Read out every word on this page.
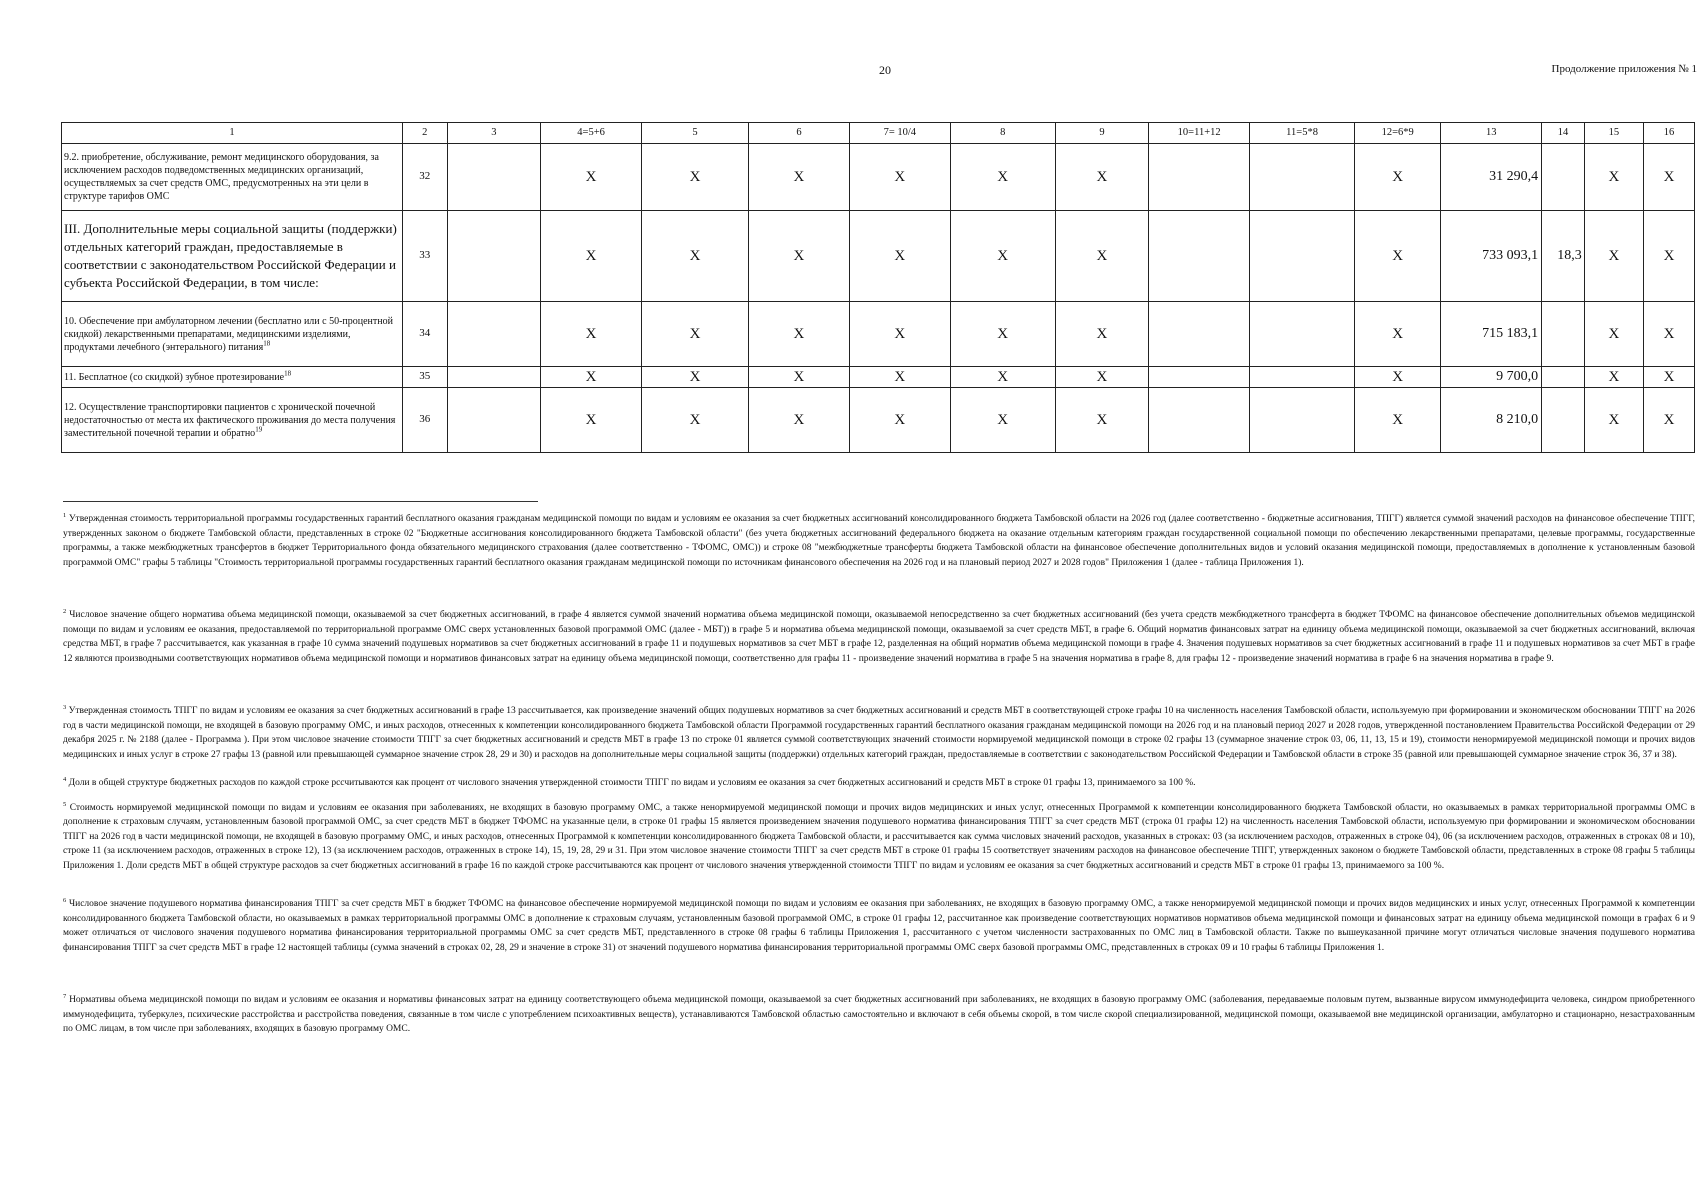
20	Продолжение приложения № 1
1	2	3	4=5+6	5	6	7= 10/4	8	9	10=11+12	11=5*8	12=6*9	13	14	15	16
9.2. приобретение, обслуживание, ремонт медицинского оборудования, за исключением расходов подведомственных медицинских организаций, осуществляемых за счет средств ОМС, предусмотренных на эти цели в структуре тарифов ОМС	32		X	X	X	X	X	X			X	31 290,4		X	X
III. Дополнительные меры социальной защиты (поддержки) отдельных категорий граждан, предоставляемые в соответствии с законодательством Российской Федерации и субъекта Российской Федерации, в том числе:	33		X	X	X	X	X	X			X	733 093,1	18,3	X	X
10. Обеспечение при амбулаторном лечении (бесплатно или с 50-процентной скидкой) лекарственными препаратами, медицинскими изделиями, продуктами лечебного (энтерального) питания$^{18}$	34		X	X	X	X	X	X			X	715 183,1		X	X
11. Бесплатное (со скидкой) зубное протезирование$^{18}$	35		X	X	X	X	X	X			X	9 700,0		X	X
12. Осуществление транспортировки пациентов с хронической почечной недостаточностью от места их фактического проживания до места получения заместительной почечной терапии и обратно$^{19}$	36		X	X	X	X	X	X			X	8 210,0		X	X

$^1$ Утвержденная стоимость территориальной программы государственных гарантий бесплатного оказания гражданам медицинской помощи по видам и условиям ее оказания за счет бюджетных ассигнований консолидированного бюджета Тамбовской области на 2026 год (далее соответственно - бюджетные ассигнования, ТПГГ) является суммой значений расходов на финансовое обеспечение ТПГГ, утвержденных законом о бюджете Тамбовской области, представленных в строке 02 "Бюджетные ассигнования консолидированного бюджета Тамбовской области" (без учета бюджетных ассигнований федерального бюджета на оказание отдельным категориям граждан государственной социальной помощи по обеспечению лекарственными препаратами, целевые программы, государственные программы, а также межбюджетных трансфертов в бюджет Территориального фонда обязательного медицинского страхования (далее соответственно - ТФОМС, ОМС)) и строке 08 "межбюджетные трансферты бюджета Тамбовской области на финансовое обеспечение дополнительных видов и условий оказания медицинской помощи, предоставляемых в дополнение к установленным базовой программой ОМС" графы 5 таблицы "Стоимость территориальной программы государственных гарантий бесплатного оказания гражданам медицинской помощи по источникам финансового обеспечения на 2026 год и на плановый период 2027 и 2028 годов" Приложения 1 (далее - таблица Приложения 1).

$^2$ Числовое значение общего норматива объема медицинской помощи, оказываемой за счет бюджетных ассигнований, в графе 4 является суммой значений норматива объема медицинской помощи, оказываемой непосредственно за счет бюджетных ассигнований (без учета средств межбюджетного трансферта в бюджет ТФОМС на финансовое обеспечение дополнительных объемов медицинской помощи по видам и условиям ее оказания, предоставляемой по территориальной программе ОМС сверх установленных базовой программой ОМС (далее - МБТ)) в графе 5 и норматива объема медицинской помощи, оказываемой за счет средств МБТ, в графе 6. Общий норматив финансовых затрат на единицу объема медицинской помощи, оказываемой за счет бюджетных ассигнований, включая средства МБТ, в графе 7 рассчитывается, как указанная в графе 10 сумма значений подушевых нормативов за счет бюджетных ассигнований в графе 11 и подушевых нормативов за счет МБТ в графе 12, разделенная на общий норматив объема медицинской помощи в графе 4. Значения подушевых нормативов за счет бюджетных ассигнований в графе 11 и подушевых нормативов за счет МБТ в графе 12 являются производными соответствующих нормативов объема медицинской помощи и нормативов финансовых затрат на единицу объема медицинской помощи, соответственно для графы 11 - произведение значений норматива в графе 5 на значения норматива в графе 8, для графы 12 - произведение значений норматива в графе 6 на значения норматива в графе 9.

$^3$ Утвержденная стоимость ТПГГ по видам и условиям ее оказания за счет бюджетных ассигнований в графе 13 рассчитывается, как произведение значений общих подушевых нормативов за счет бюджетных ассигнований и средств МБТ в соответствующей строке графы 10 на численность населения Тамбовской области, используемую при формировании и экономическом обосновании ТПГГ на 2026 год в части медицинской помощи, не входящей в базовую программу ОМС, и иных расходов, отнесенных к компетенции консолидированного бюджета Тамбовской области Программой государственных гарантий бесплатного оказания гражданам медицинской помощи на 2026 год и на плановый период 2027 и 2028 годов, утвержденной постановлением Правительства Российской Федерации от 29 декабря 2025 г. № 2188 (далее - Программа ). При этом числовое значение стоимости ТПГГ за счет бюджетных ассигнований и средств МБТ в графе 13 по строке 01 является суммой соответствующих значений стоимости нормируемой медицинской помощи в строке 02 графы 13 (суммарное значение строк 03, 06, 11, 13, 15 и 19), стоимости ненормируемой медицинской помощи и прочих видов медицинских и иных услуг в строке 27 графы 13 (равной или превышающей суммарное значение строк 28, 29 и 30) и расходов на дополнительные меры социальной защиты (поддержки) отдельных категорий граждан, предоставляемые в соответствии с законодательством Российской Федерации и Тамбовской области в строке 35 (равной или превышающей суммарное значение строк 36, 37 и 38).

$^4$ Доли в общей структуре бюджетных расходов по каждой строке рссчитываются как процент от числового значения утвержденной стоимости ТПГГ по видам и условиям ее оказания за счет бюджетных ассигнований и средств МБТ в строке 01 графы 13, принимаемого за 100 %.

$^5$ Стоимость нормируемой медицинской помощи по видам и условиям ее оказания при заболеваниях, не входящих в базовую программу ОМС, а также ненормируемой медицинской помощи и прочих видов медицинских и иных услуг, отнесенных Программой к компетенции консолидированного бюджета Тамбовской области, но оказываемых в рамках территориальной программы ОМС в дополнение к страховым случаям, установленным базовой программой ОМС, за счет средств МБТ в бюджет ТФОМС на указанные цели, в строке 01 графы 15 является произведением значения подушевого норматива финансирования ТПГГ за счет средств МБТ (строка 01 графы 12) на численность населения Тамбовской области, используемую при формировании и экономическом обосновании ТПГГ на 2026 год в части медицинской помощи, не входящей в базовую программу ОМС, и иных расходов, отнесенных Программой к компетенции консолидированного бюджета Тамбовской области, и рассчитывается как сумма числовых значений расходов, указанных в строках: 03 (за исключением расходов, отраженных в строке 04), 06 (за исключением расходов, отраженных в строках 08 и 10), строке 11 (за исключением расходов, отраженных в строке 12), 13 (за исключением расходов, отраженных в строке 14), 15, 19, 28, 29 и 31. При этом числовое значение стоимости ТПГГ за счет средств МБТ в строке 01 графы 15 соответствует значениям расходов на финансовое обеспечение ТПГГ, утвержденных законом о бюджете Тамбовской области, представленных в строке 08 графы 5 таблицы Приложения 1. Доли средств МБТ в общей структуре расходов за счет бюджетных ассигнований в графе 16 по каждой строке рассчитываются как процент от числового значения утвержденной стоимости ТПГГ по видам и условиям ее оказания за счет бюджетных ассигнований и средств МБТ в строке 01 графы 13, принимаемого за 100 %.

$^6$ Числовое значение подушевого норматива финансирования ТПГГ за счет средств МБТ в бюджет ТФОМС на финансовое обеспечение нормируемой медицинской помощи по видам и условиям ее оказания при заболеваниях, не входящих в базовую программу ОМС, а также ненормируемой медицинской помощи и прочих видов медицинских и иных услуг, отнесенных Программой к компетенции консолидированного бюджета Тамбовской области, но оказываемых в рамках территориальной программы ОМС в дополнение к страховым случаям, установленным базовой программой ОМС, в строке 01 графы 12, рассчитанное как произведение соответствующих нормативов нормативов объема медицинской помощи и финансовых затрат на единицу объема медицинской помощи в графах 6 и 9 может отличаться от числового значения подушевого норматива финансирования территориальной программы ОМС за счет средств МБТ, представленного в строке 08 графы 6 таблицы Приложения 1, рассчитанного с учетом численности застрахованных по ОМС лиц в Тамбовской области. Также по вышеуказанной причине могут отличаться числовые значения подушевого норматива финансирования ТПГГ за счет средств МБТ в графе 12 настоящей таблицы (сумма значений в строках 02, 28, 29 и значение в строке 31) от значений подушевого норматива финансирования территориальной программы ОМС сверх базовой программы ОМС, представленных в строках 09 и 10 графы 6 таблицы Приложения 1.

$^7$ Нормативы объема медицинской помощи по видам и условиям ее оказания и нормативы финансовых затрат на единицу соответствующего объема медицинской помощи, оказываемой за счет бюджетных ассигнований при заболеваниях, не входящих в базовую программу ОМС (заболевания, передаваемые половым путем, вызванные вирусом иммунодефицита человека, синдром приобретенного иммунодефицита, туберкулез, психические расстройства и расстройства поведения, связанные в том числе с употреблением психоактивных веществ), устанавливаются Тамбовской областью самостоятельно и включают в себя объемы скорой, в том числе скорой специализированной, медицинской помощи, оказываемой вне медицинской организации, амбулаторно и стационарно, незастрахованным по ОМС лицам, в том числе при заболеваниях, входящих в базовую программу ОМС.
